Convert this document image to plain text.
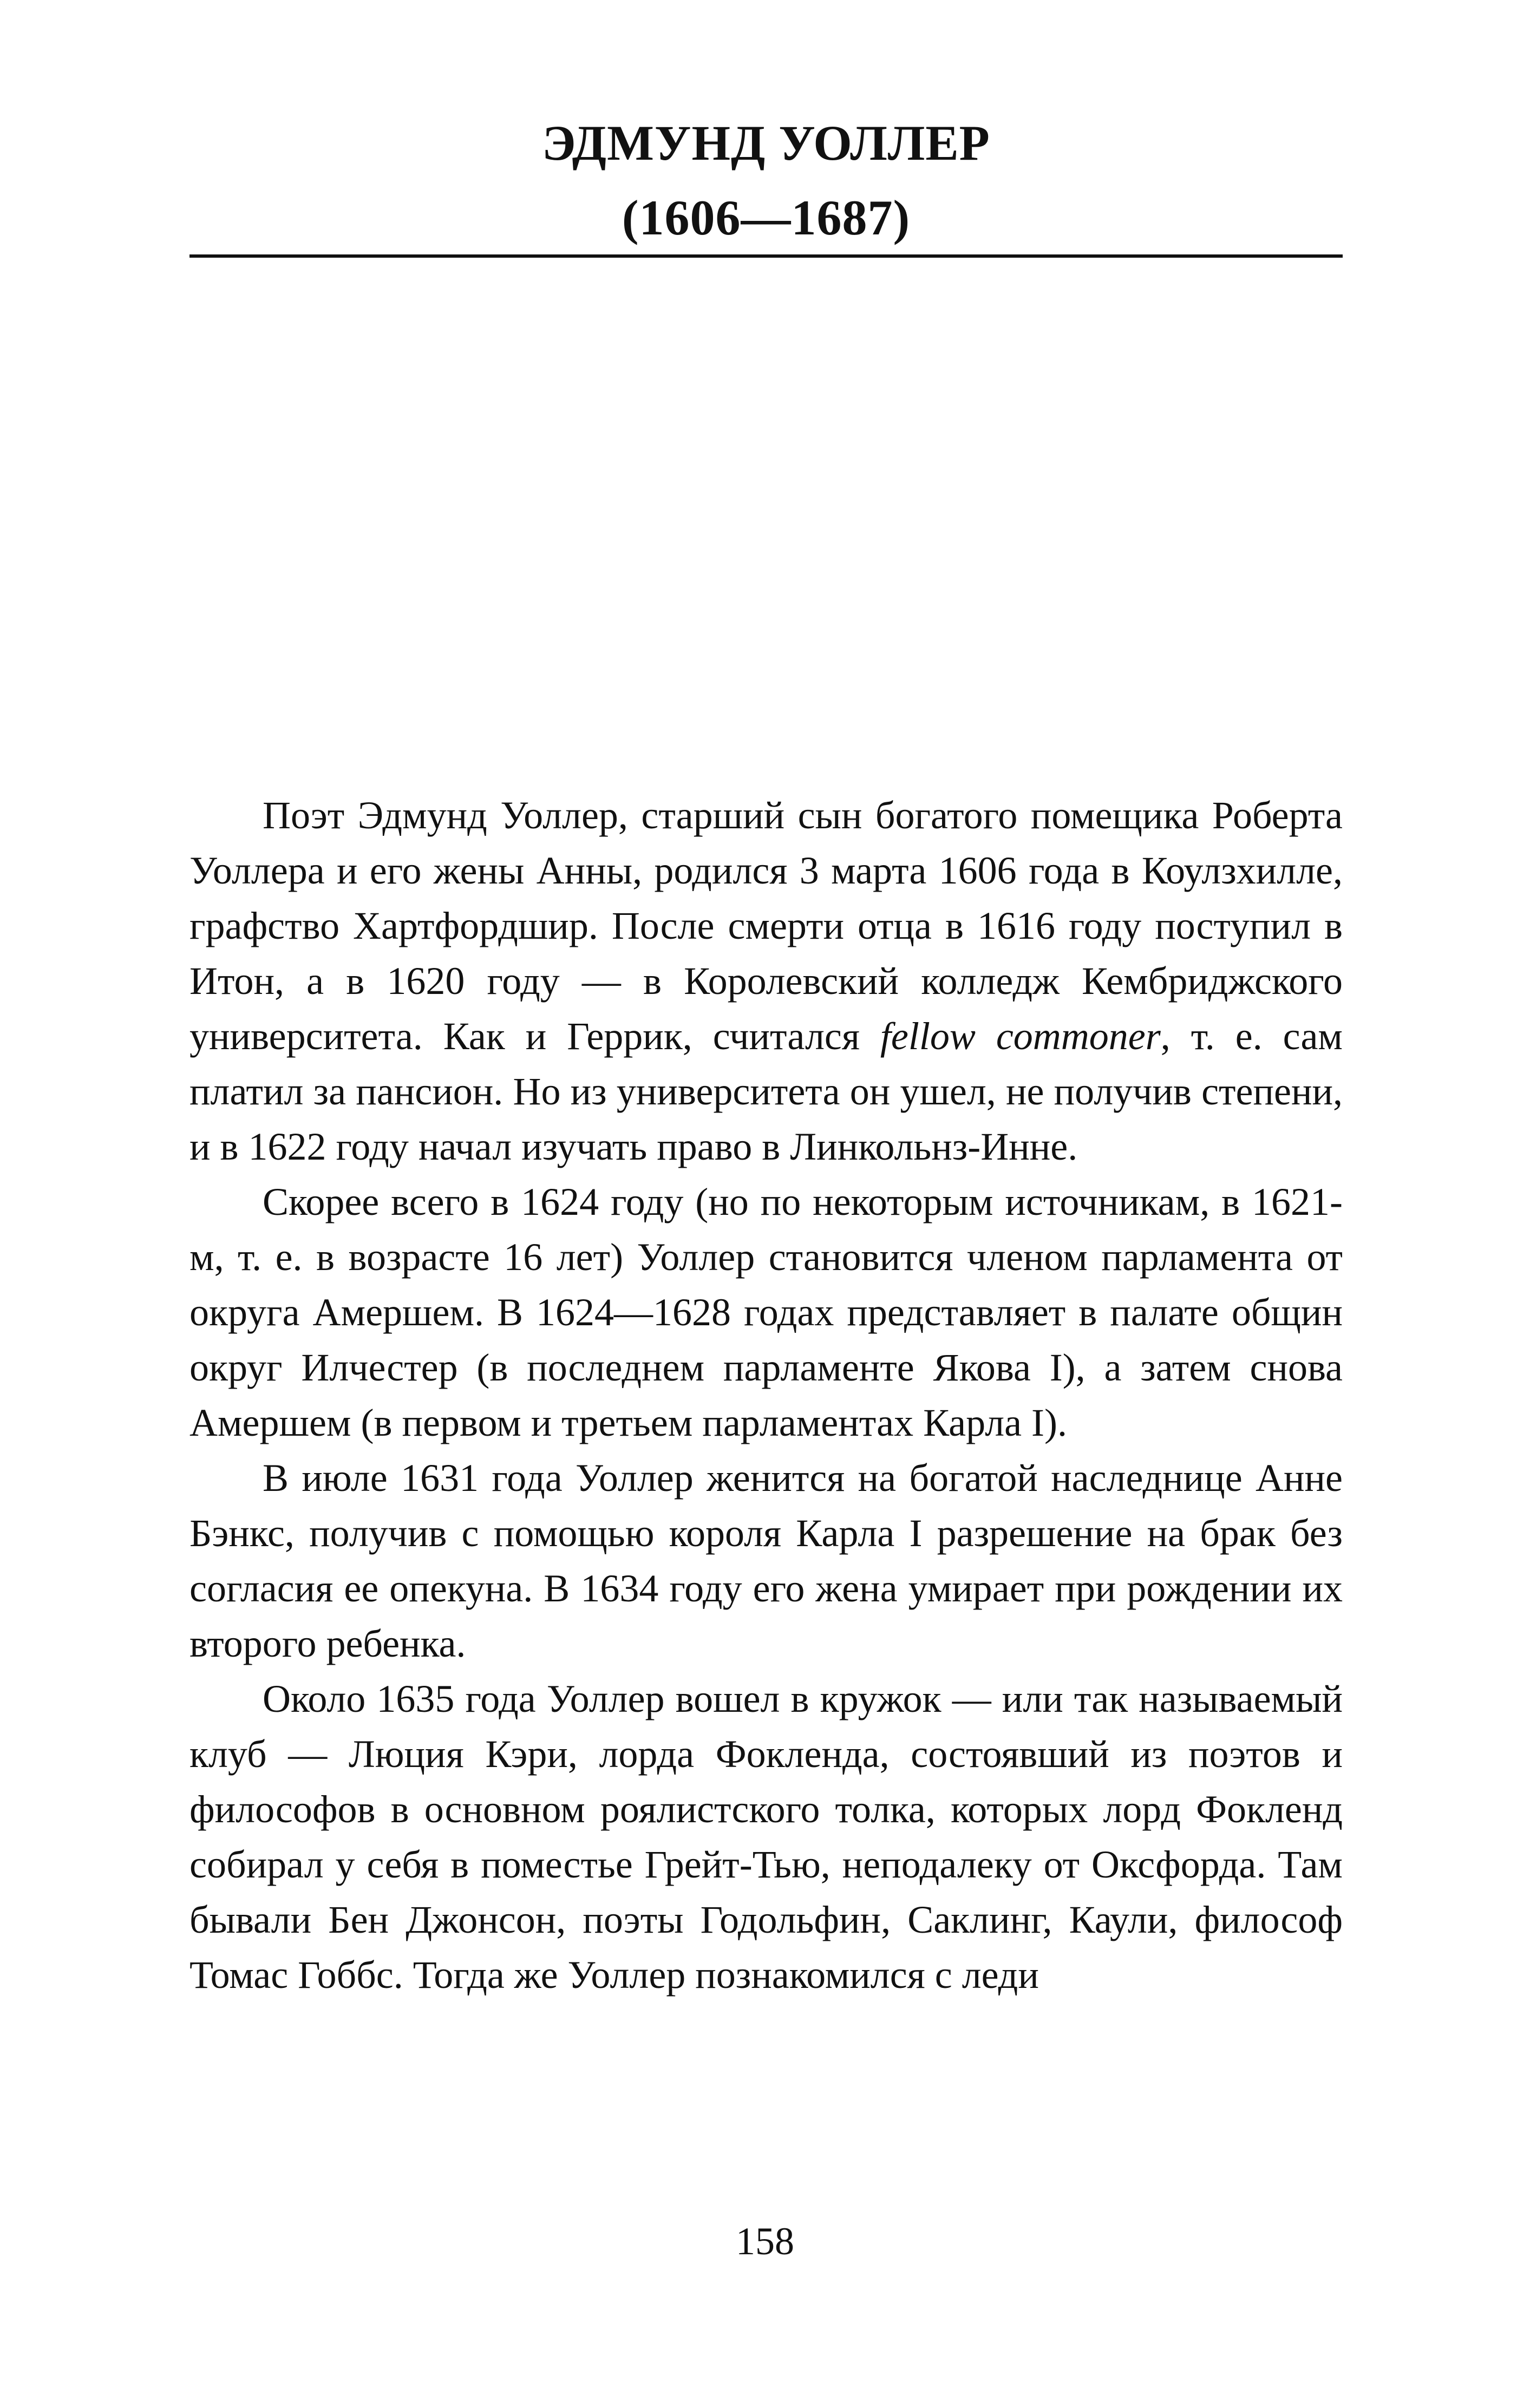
ЭДМУНД УОЛЛЕР
(1606—1687)

Поэт Эдмунд Уоллер, старший сын богатого помещика Роберта Уоллера и его жены Анны, родился 3 марта 1606 года в Коулзхилле, графство Хартфордшир. После смерти отца в 1616 году поступил в Итон, а в 1620 году — в Королевский колледж Кембриджского университета. Как и Геррик, считался fellow commoner, т. е. сам платил за пансион. Но из университета он ушел, не получив степени, и в 1622 году начал изучать право в Линкольнз-Инне.

Скорее всего в 1624 году (но по некоторым источникам, в 1621-м, т. е. в возрасте 16 лет) Уоллер становится членом парламента от округа Амершем. В 1624—1628 годах представляет в палате общин округ Илчестер (в последнем парламенте Якова I), а затем снова Амершем (в первом и третьем парламентах Карла I).

В июле 1631 года Уоллер женится на богатой наследнице Анне Бэнкс, получив с помощью короля Карла I разрешение на брак без согласия ее опекуна. В 1634 году его жена умирает при рождении их второго ребенка.

Около 1635 года Уоллер вошел в кружок — или так называемый клуб — Люция Кэри, лорда Фокленда, состоявший из поэтов и философов в основном роялистского толка, которых лорд Фокленд собирал у себя в поместье Грейт-Тью, неподалеку от Оксфорда. Там бывали Бен Джонсон, поэты Годольфин, Саклинг, Каули, философ Томас Гоббс. Тогда же Уоллер познакомился с леди

158
